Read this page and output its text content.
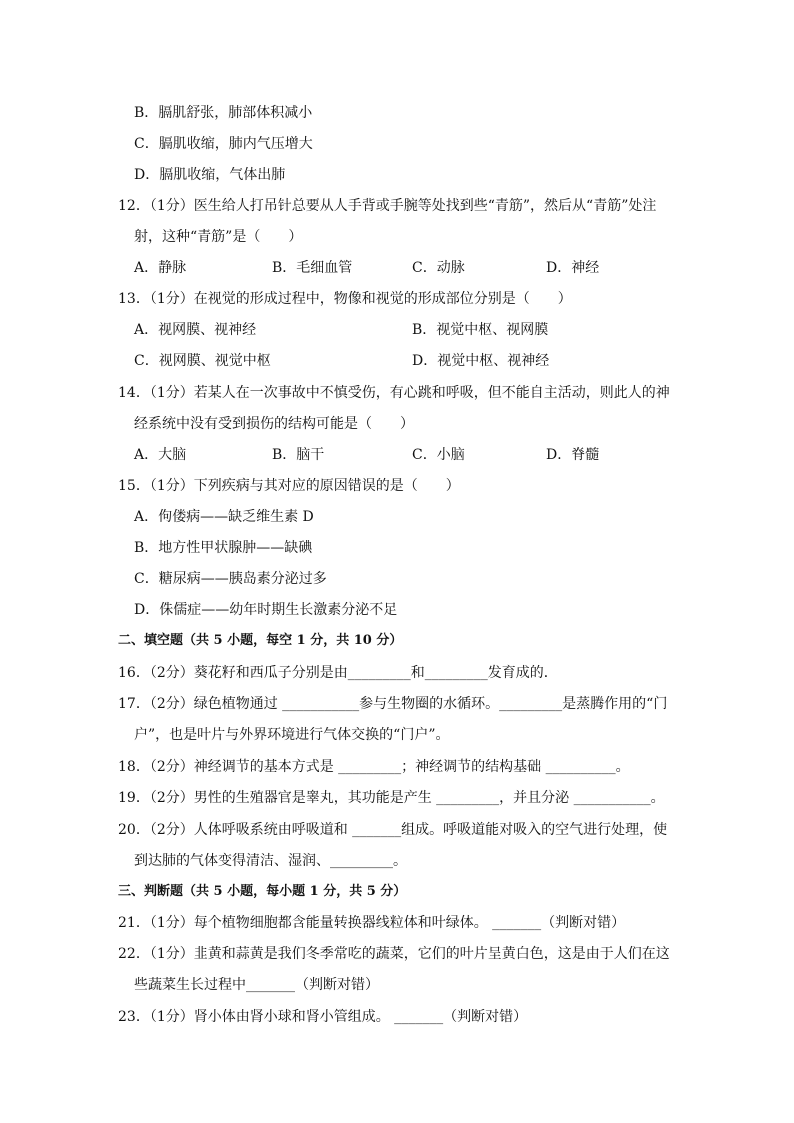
B．膈肌舒张，肺部体积减小
C．膈肌收缩，肺内气压增大
D．膈肌收缩，气体出肺
12．（1分）医生给人打吊针总要从人手背或手腕等处找到些“青筋”，然后从“青筋”处注
射，这种“青筋”是（　　）
A．静脉	B．毛细血管	C．动脉	D．神经
13．（1分）在视觉的形成过程中，物像和视觉的形成部位分别是（　　）
A．视网膜、视神经	B．视觉中枢、视网膜
C．视网膜、视觉中枢	D．视觉中枢、视神经
14．（1分）若某人在一次事故中不慎受伤，有心跳和呼吸，但不能自主活动，则此人的神
经系统中没有受到损伤的结构可能是（　　）
A．大脑	B．脑干	C．小脑	D．脊髓
15．（1分）下列疾病与其对应的原因错误的是（　　）
A．佝偻病——缺乏维生素 D
B．地方性甲状腺肿——缺碘
C．糖尿病——胰岛素分泌过多
D．侏儒症——幼年时期生长激素分泌不足
二、填空题（共 5 小题，每空 1 分，共 10 分）
16．（2分）葵花籽和西瓜子分别是由_________和_________发育成的．
17．（2分）绿色植物通过 ___________参与生物圈的水循环。_________是蒸腾作用的“门
户”，也是叶片与外界环境进行气体交换的“门户”。
18．（2分）神经调节的基本方式是 _________；神经调节的结构基础 __________。
19．（2分）男性的生殖器官是睾丸，其功能是产生 _________，并且分泌 ___________。
20．（2分）人体呼吸系统由呼吸道和 _______组成。呼吸道能对吸入的空气进行处理，使
到达肺的气体变得清洁、湿润、_________。
三、判断题（共 5 小题，每小题 1 分，共 5 分）
21．（1分）每个植物细胞都含能量转换器线粒体和叶绿体。 _______（判断对错）
22．（1分）韭黄和蒜黄是我们冬季常吃的蔬菜，它们的叶片呈黄白色，这是由于人们在这
些蔬菜生长过程中_______（判断对错）
23．（1分）肾小体由肾小球和肾小管组成。 _______（判断对错）
